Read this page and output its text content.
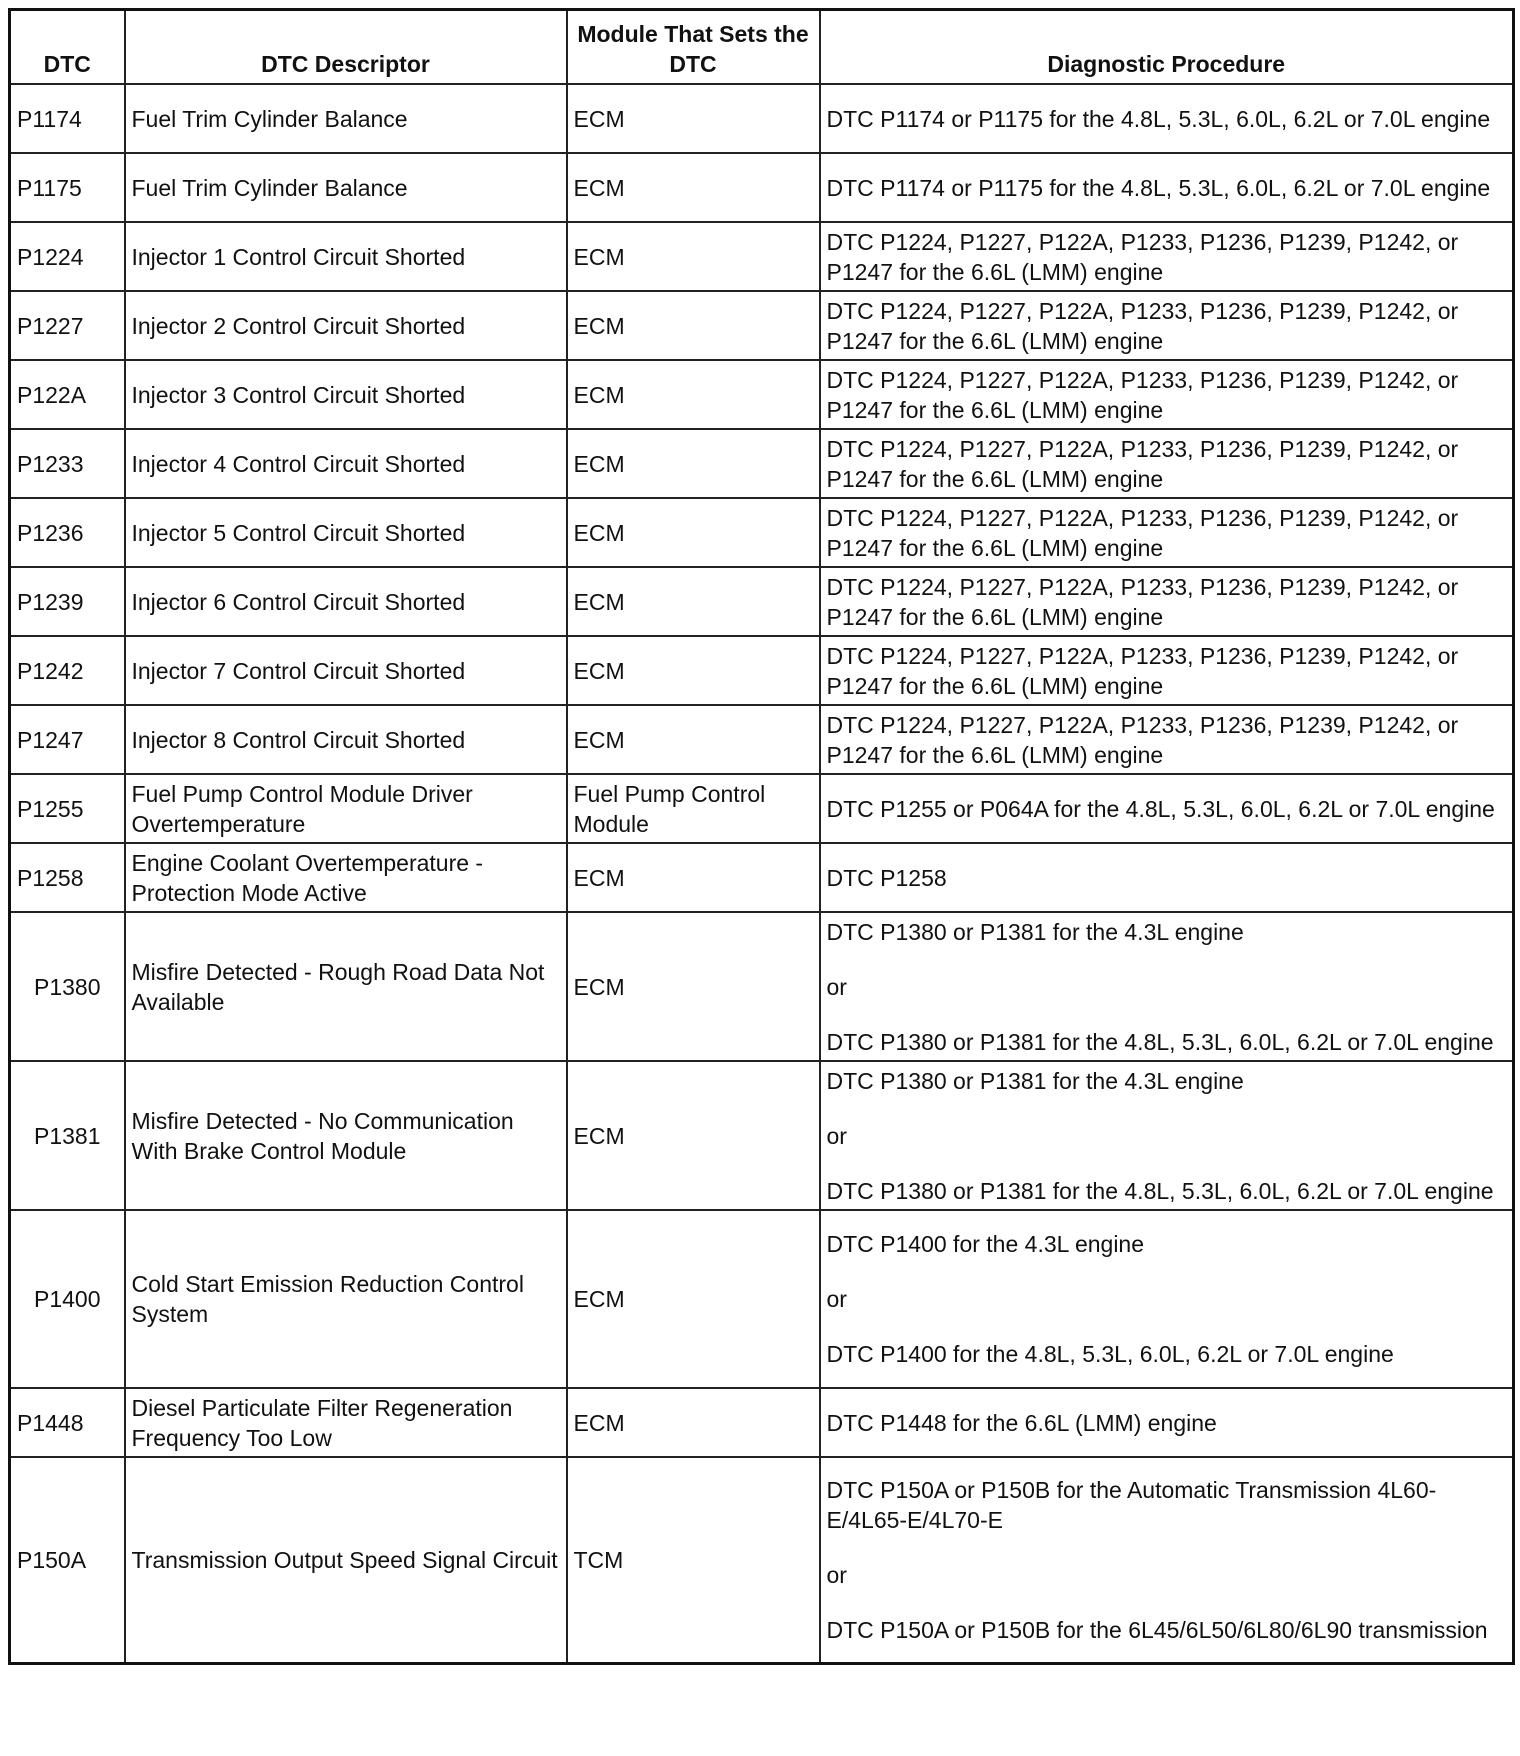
DTC	DTC Descriptor	Module That Sets the DTC	Diagnostic Procedure
P1174	Fuel Trim Cylinder Balance	ECM	DTC P1174 or P1175 for the 4.8L, 5.3L, 6.0L, 6.2L or 7.0L engine

P1175	Fuel Trim Cylinder Balance	ECM	DTC P1174 or P1175 for the 4.8L, 5.3L, 6.0L, 6.2L or 7.0L engine

P1224	Injector 1 Control Circuit Shorted	ECM	DTC P1224, P1227, P122A, P1233, P1236, P1239, P1242, or P1247 for the 6.6L (LMM) engine

P1227	Injector 2 Control Circuit Shorted	ECM	DTC P1224, P1227, P122A, P1233, P1236, P1239, P1242, or P1247 for the 6.6L (LMM) engine

P122A	Injector 3 Control Circuit Shorted	ECM	DTC P1224, P1227, P122A, P1233, P1236, P1239, P1242, or P1247 for the 6.6L (LMM) engine

P1233	Injector 4 Control Circuit Shorted	ECM	DTC P1224, P1227, P122A, P1233, P1236, P1239, P1242, or P1247 for the 6.6L (LMM) engine

P1236	Injector 5 Control Circuit Shorted	ECM	DTC P1224, P1227, P122A, P1233, P1236, P1239, P1242, or P1247 for the 6.6L (LMM) engine

P1239	Injector 6 Control Circuit Shorted	ECM	DTC P1224, P1227, P122A, P1233, P1236, P1239, P1242, or P1247 for the 6.6L (LMM) engine

P1242	Injector 7 Control Circuit Shorted	ECM	DTC P1224, P1227, P122A, P1233, P1236, P1239, P1242, or P1247 for the 6.6L (LMM) engine

P1247	Injector 8 Control Circuit Shorted	ECM	DTC P1224, P1227, P122A, P1233, P1236, P1239, P1242, or P1247 for the 6.6L (LMM) engine

P1255	Fuel Pump Control Module Driver Overtemperature	Fuel Pump Control Module	DTC P1255 or P064A for the 4.8L, 5.3L, 6.0L, 6.2L or 7.0L engine

P1258	Engine Coolant Overtemperature - Protection Mode Active	ECM	DTC P1258

P1380	Misfire Detected - Rough Road Data Not Available	ECM	DTC P1380 or P1381 for the 4.3L engine
or
DTC P1380 or P1381 for the 4.8L, 5.3L, 6.0L, 6.2L or 7.0L engine

P1381	Misfire Detected - No Communication With Brake Control Module	ECM	DTC P1380 or P1381 for the 4.3L engine
or
DTC P1380 or P1381 for the 4.8L, 5.3L, 6.0L, 6.2L or 7.0L engine

P1400	Cold Start Emission Reduction Control System	ECM	DTC P1400 for the 4.3L engine
or
DTC P1400 for the 4.8L, 5.3L, 6.0L, 6.2L or 7.0L engine

P1448	Diesel Particulate Filter Regeneration Frequency Too Low	ECM	DTC P1448 for the 6.6L (LMM) engine

P150A	Transmission Output Speed Signal Circuit	TCM	DTC P150A or P150B for the Automatic Transmission 4L60-E/4L65-E/4L70-E
or
DTC P150A or P150B for the 6L45/6L50/6L80/6L90 transmission
